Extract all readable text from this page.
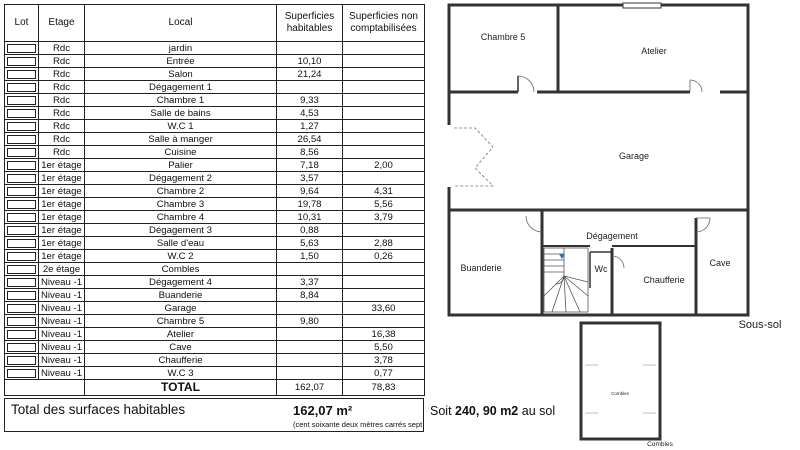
Lot	Etage	Local	Superficies habitables	Superficies non comptabilisées

	Rdc	jardin		

	Rdc	Entrée	10,10	

	Rdc	Salon	21,24	

	Rdc	Dégagement 1		

	Rdc	Chambre 1	9,33	

	Rdc	Salle de bains	4,53	

	Rdc	W.C 1	1,27	

	Rdc	Salle à manger	26,54	

	Rdc	Cuisine	8,56	

	1er étage	Palier	7,18	2,00

	1er étage	Dégagement 2	3,57	

	1er étage	Chambre 2	9,64	4,31

	1er étage	Chambre 3	19,78	5,56

	1er étage	Chambre 4	10,31	3,79

	1er étage	Dégagement 3	0,88	

	1er étage	Salle d'eau	5,63	2,88

	1er étage	W.C 2	1,50	0,26

	2e étage	Combles		

	Niveau -1	Dégagement 4	3,37	

	Niveau -1	Buanderie	8,84	

	Niveau -1	Garage		33,60

	Niveau -1	Chambre 5	9,80	

	Niveau -1	Atelier		16,38

	Niveau -1	Cave		5,50

	Niveau -1	Chaufferie		3,78

	Niveau -1	W.C 3		0,77
		TOTAL	162,07	78,83
Total des surfaces habitables	162,07 m²
(cent soixante deux mètres carrés sept
Soit 240, 90 m2 au sol
Chambre 5
Atelier
Garage
Dégagement
Buanderie	Wc
Chaufferie
Cave
Sous-sol
Combles
Combles
